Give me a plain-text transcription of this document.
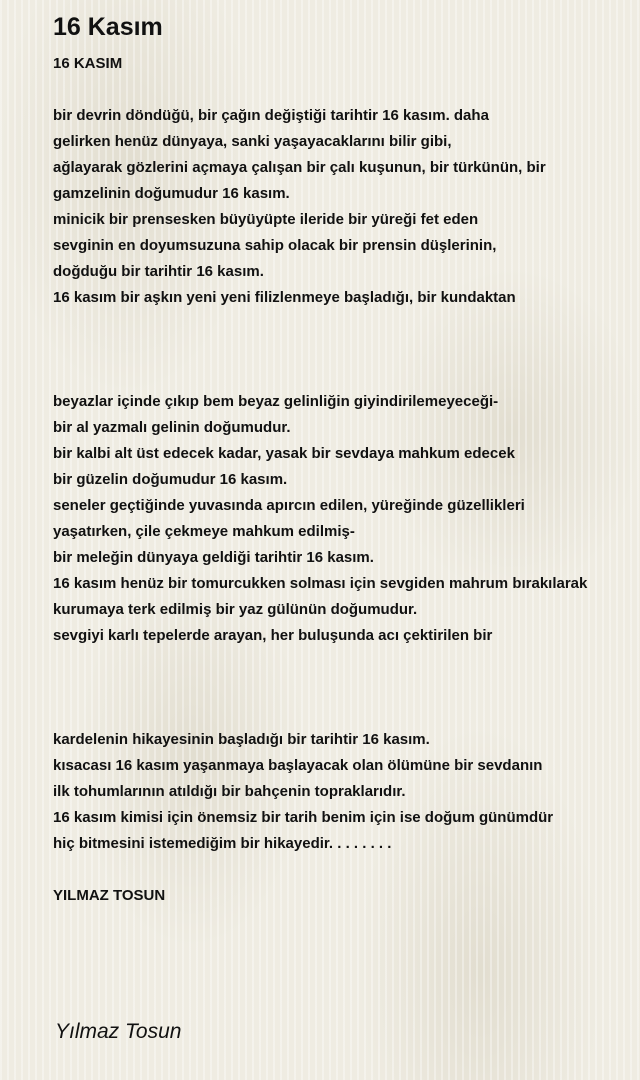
16 Kasım
16 KASIM
bir devrin döndüğü, bir çağın değiştiği tarihtir 16 kasım. daha
gelirken henüz dünyaya, sanki yaşayacaklarını bilir gibi,
ağlayarak gözlerini açmaya çalışan bir çalı kuşunun, bir türkünün, bir
gamzelinin doğumudur 16 kasım.
minicik bir prensesken büyüyüpte ileride bir yüreği fet eden
sevginin en doyumsuzuna sahip olacak bir prensin düşlerinin,
doğduğu bir tarihtir 16 kasım.
16 kasım bir aşkın yeni yeni filizlenmeye başladığı, bir kundaktan
beyazlar içinde çıkıp bem beyaz gelinliğin giyindirilemeyeceği-
bir al yazmalı gelinin doğumudur.
bir kalbi alt üst edecek kadar, yasak bir sevdaya mahkum edecek
bir güzelin doğumudur 16 kasım.
seneler geçtiğinde yuvasında apırcın edilen, yüreğinde güzellikleri
yaşatırken, çile çekmeye mahkum edilmiş-
bir meleğin dünyaya geldiği tarihtir 16 kasım.
16 kasım henüz bir tomurcukken solması için sevgiden mahrum bırakılarak
kurumaya terk edilmiş bir yaz gülünün doğumudur.
sevgiyi karlı tepelerde arayan, her buluşunda acı çektirilen bir
kardelenin hikayesinin başladığı bir tarihtir 16 kasım.
kısacası 16 kasım yaşanmaya başlayacak olan ölümüne bir sevdanın
ilk tohumlarının atıldığı bir bahçenin topraklarıdır.
16 kasım kimisi için önemsiz bir tarih benim için ise doğum günümdür
hiç bitmesini istemediğim bir hikayedir. . . . . . . .
YILMAZ TOSUN
Yılmaz Tosun
